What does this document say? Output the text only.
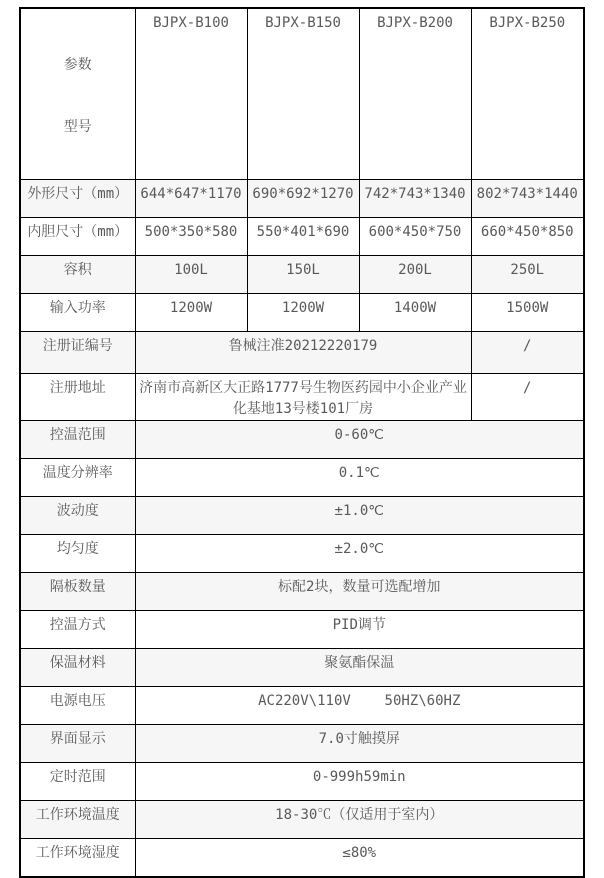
参数

型号	BJPX-B100	BJPX-B150	BJPX-B200	BJPX-B250
外形尺寸（mm）	644*647*1170	690*692*1270	742*743*1340	802*743*1440
内胆尺寸（mm）	500*350*580	550*401*690	600*450*750	660*450*850
容积	100L	150L	200L	250L
输入功率	1200W	1200W	1400W	1500W
注册证编号	鲁械注准20212220179			/
注册地址	济南市高新区大正路1777号生物医药园中小企业产业化基地13号楼101厂房			/
控温范围	0-60℃			
温度分辨率	0.1℃			
波动度	±1.0℃			
均匀度	±2.0℃			
隔板数量	标配2块，数量可选配增加			
控温方式	PID调节			
保温材料	聚氨酯保温			
电源电压	AC220V\110V    50HZ\60HZ			
界面显示	7.0寸触摸屏			
定时范围	0-999h59min			
工作环境温度	18-30℃（仅适用于室内）			
工作环境湿度	≤80%			
